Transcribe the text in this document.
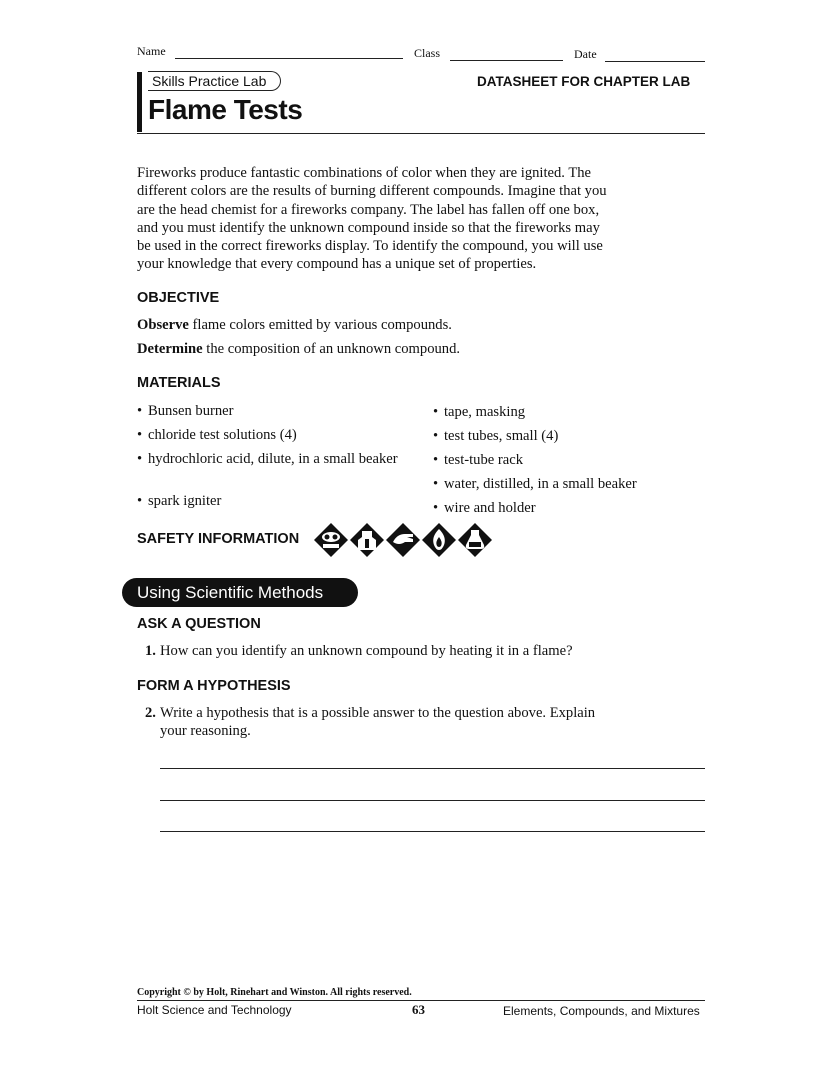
Name	Class	Date
Skills Practice Lab
Flame Tests
DATASHEET FOR CHAPTER LAB
Fireworks produce fantastic combinations of color when they are ignited. The
different colors are the results of burning different compounds. Imagine that you
are the head chemist for a fireworks company. The label has fallen off one box,
and you must identify the unknown compound inside so that the fireworks may
be used in the correct fireworks display. To identify the compound, you will use
your knowledge that every compound has a unique set of properties.
OBJECTIVE
Observe flame colors emitted by various compounds.
Determine the composition of an unknown compound.
MATERIALS
• Bunsen burner
• chloride test solutions (4)
• hydrochloric acid, dilute, in a small beaker
• spark igniter
• tape, masking
• test tubes, small (4)
• test-tube rack
• water, distilled, in a small beaker
• wire and holder
SAFETY INFORMATION
Using Scientific Methods
ASK A QUESTION
1. How can you identify an unknown compound by heating it in a flame?
FORM A HYPOTHESIS
2. Write a hypothesis that is a possible answer to the question above. Explain
your reasoning.
Copyright © by Holt, Rinehart and Winston. All rights reserved.
Holt Science and Technology	63	Elements, Compounds, and Mixtures
